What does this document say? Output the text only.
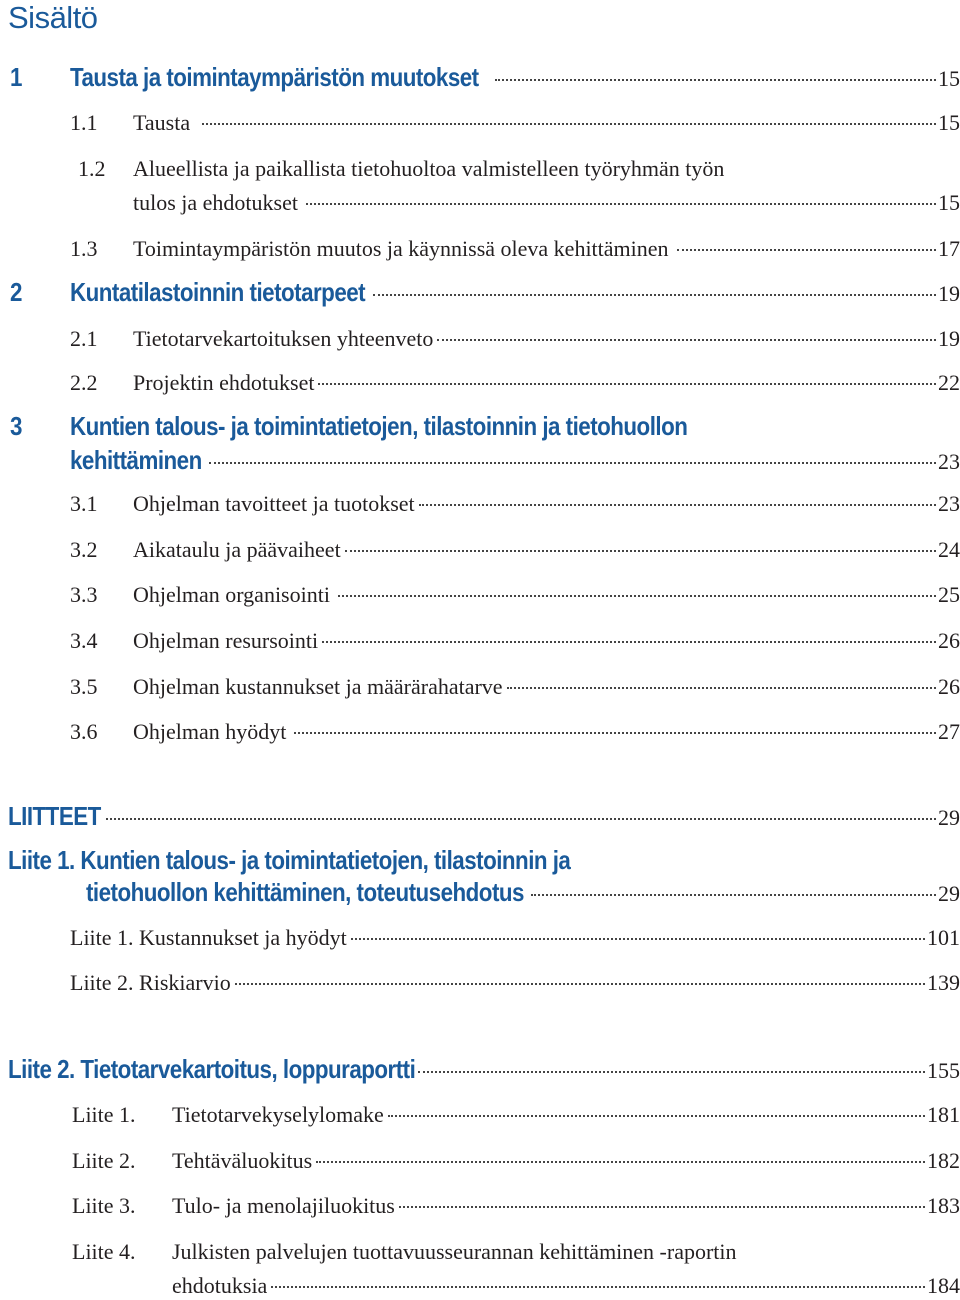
Sisältö
1 Tausta ja toimintaympäristön muutokset	15
1.1 Tausta	15
1.2 Alueellista ja paikallista tietohuoltoa valmistelleen työryhmän työn
tulos ja ehdotukset	15
1.3 Toimintaympäristön muutos ja käynnissä oleva kehittäminen	17
2 Kuntatilastoinnin tietotarpeet	19
2.1 Tietotarvekartoituksen yhteenveto	19
2.2 Projektin ehdotukset	22
3 Kuntien talous- ja toimintatietojen, tilastoinnin ja tietohuollon
kehittäminen	23
3.1 Ohjelman tavoitteet ja tuotokset	23
3.2 Aikataulu ja päävaiheet	24
3.3 Ohjelman organisointi	25
3.4 Ohjelman resursointi	26
3.5 Ohjelman kustannukset ja määrärahatarve	26
3.6 Ohjelman hyödyt	27
LIITTEET	29
Liite 1. Kuntien talous- ja toimintatietojen, tilastoinnin ja
tietohuollon kehittäminen, toteutusehdotus	29
Liite 1. Kustannukset ja hyödyt	101
Liite 2. Riskiarvio	139
Liite 2. Tietotarvekartoitus, loppuraportti	155
Liite 1. Tietotarvekyselylomake	181
Liite 2. Tehtäväluokitus	182
Liite 3. Tulo- ja menolajiluokitus	183
Liite 4. Julkisten palvelujen tuottavuusseurannan kehittäminen -raportin
ehdotuksia	184
